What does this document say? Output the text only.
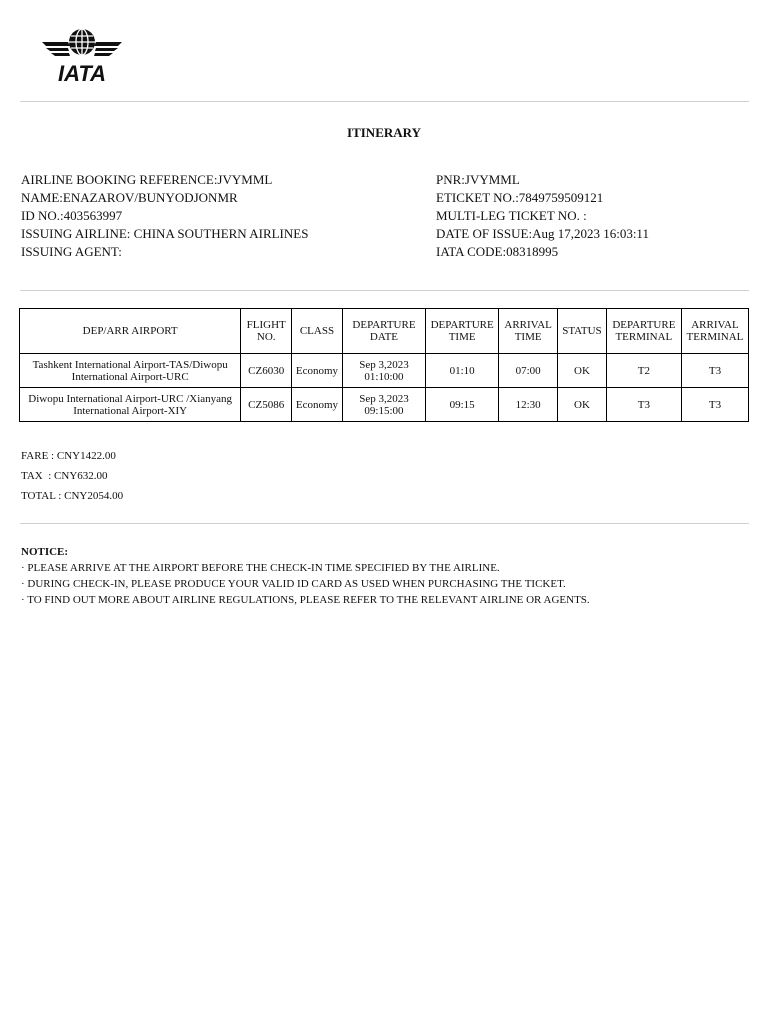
IATA
ITINERARY
AIRLINE BOOKING REFERENCE:JVYMML
NAME:ENAZAROV/BUNYODJONMR
ID NO.:403563997
ISSUING AIRLINE: CHINA SOUTHERN AIRLINES
ISSUING AGENT:
PNR:JVYMML
ETICKET NO.:7849759509121
MULTI-LEG TICKET NO. :
DATE OF ISSUE:Aug 17,2023 16:03:11
IATA CODE:08318995
DEP/ARR AIRPORT	FLIGHT NO.	CLASS	DEPARTURE DATE	DEPARTURE TIME	ARRIVAL TIME	STATUS	DEPARTURE TERMINAL	ARRIVAL TERMINAL
Tashkent International Airport-TAS/Diwopu International Airport-URC	CZ6030	Economy	Sep 3,2023 01:10:00	01:10	07:00	OK	T2	T3
Diwopu International Airport-URC /Xianyang International Airport-XIY	CZ5086	Economy	Sep 3,2023 09:15:00	09:15	12:30	OK	T3	T3
FARE : CNY1422.00
TAX  : CNY632.00
TOTAL : CNY2054.00
NOTICE:
· PLEASE ARRIVE AT THE AIRPORT BEFORE THE CHECK-IN TIME SPECIFIED BY THE AIRLINE.
· DURING CHECK-IN, PLEASE PRODUCE YOUR VALID ID CARD AS USED WHEN PURCHASING THE TICKET.
· TO FIND OUT MORE ABOUT AIRLINE REGULATIONS, PLEASE REFER TO THE RELEVANT AIRLINE OR AGENTS.
